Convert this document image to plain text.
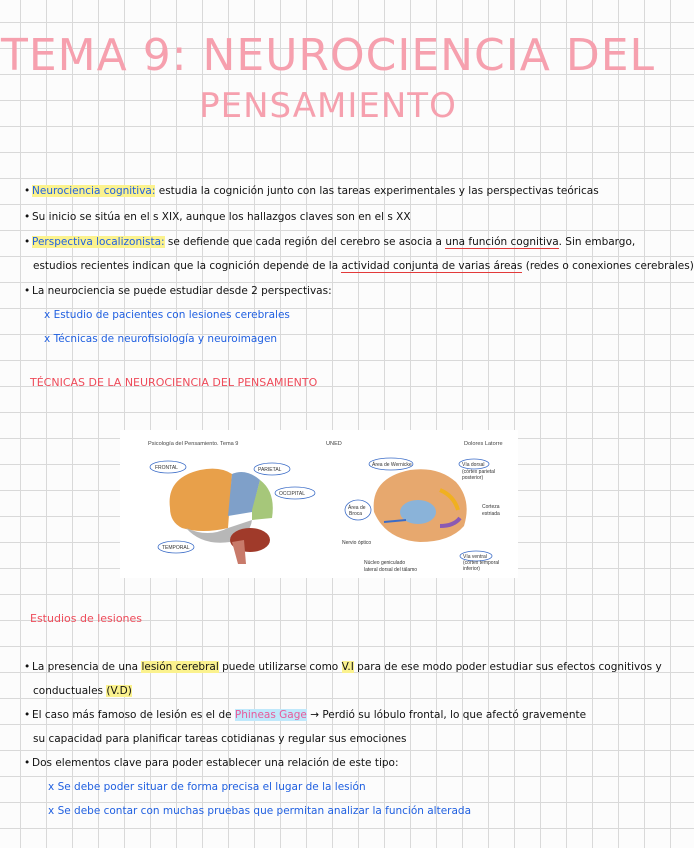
TEMA 9: NEUROCIENCIA DEL
PENSAMIENTO
• Neurociencia cognitiva: estudia la cognición junto con las tareas experimentales y las perspectivas teóricas
• Su inicio se sitúa en el s XIX, aunque los hallazgos claves son en el s XX
• Perspectiva localizonista: se defiende que cada región del cerebro se asocia a una función cognitiva. Sin embargo,
estudios recientes indican que la cognición depende de la actividad conjunta de varias áreas (redes o conexiones cerebrales)
• La neurociencia se puede estudiar desde 2 perspectivas:
x Estudio de pacientes con lesiones cerebrales
x Técnicas de neurofisiología y neuroimagen
TÉCNICAS DE LA NEUROCIENCIA DEL PENSAMIENTO
Psicología del Pensamiento. Tema 9	UNED	Dolores Latorre
FRONTAL	PARIETAL
OCCIPITAL
TEMPORAL
Área de Wernicke
Área de
Broca
Vía dorsal
(córtex parietal
posterior)
Corteza
estriada
Nervio óptico
Vía ventral
(córtex temporal
inferior)
Núcleo geniculado
lateral dorsal del tálamo
Estudios de lesiones
• La presencia de una lesión cerebral puede utilizarse como V.I para de ese modo poder estudiar sus efectos cognitivos y
conductuales (V.D)
• El caso más famoso de lesión es el de Phineas Gage → Perdió su lóbulo frontal, lo que afectó gravemente
su capacidad para planificar tareas cotidianas y regular sus emociones
• Dos elementos clave para poder establecer una relación de este tipo:
x Se debe poder situar de forma precisa el lugar de la lesión
x Se debe contar con muchas pruebas que permitan analizar la función alterada
